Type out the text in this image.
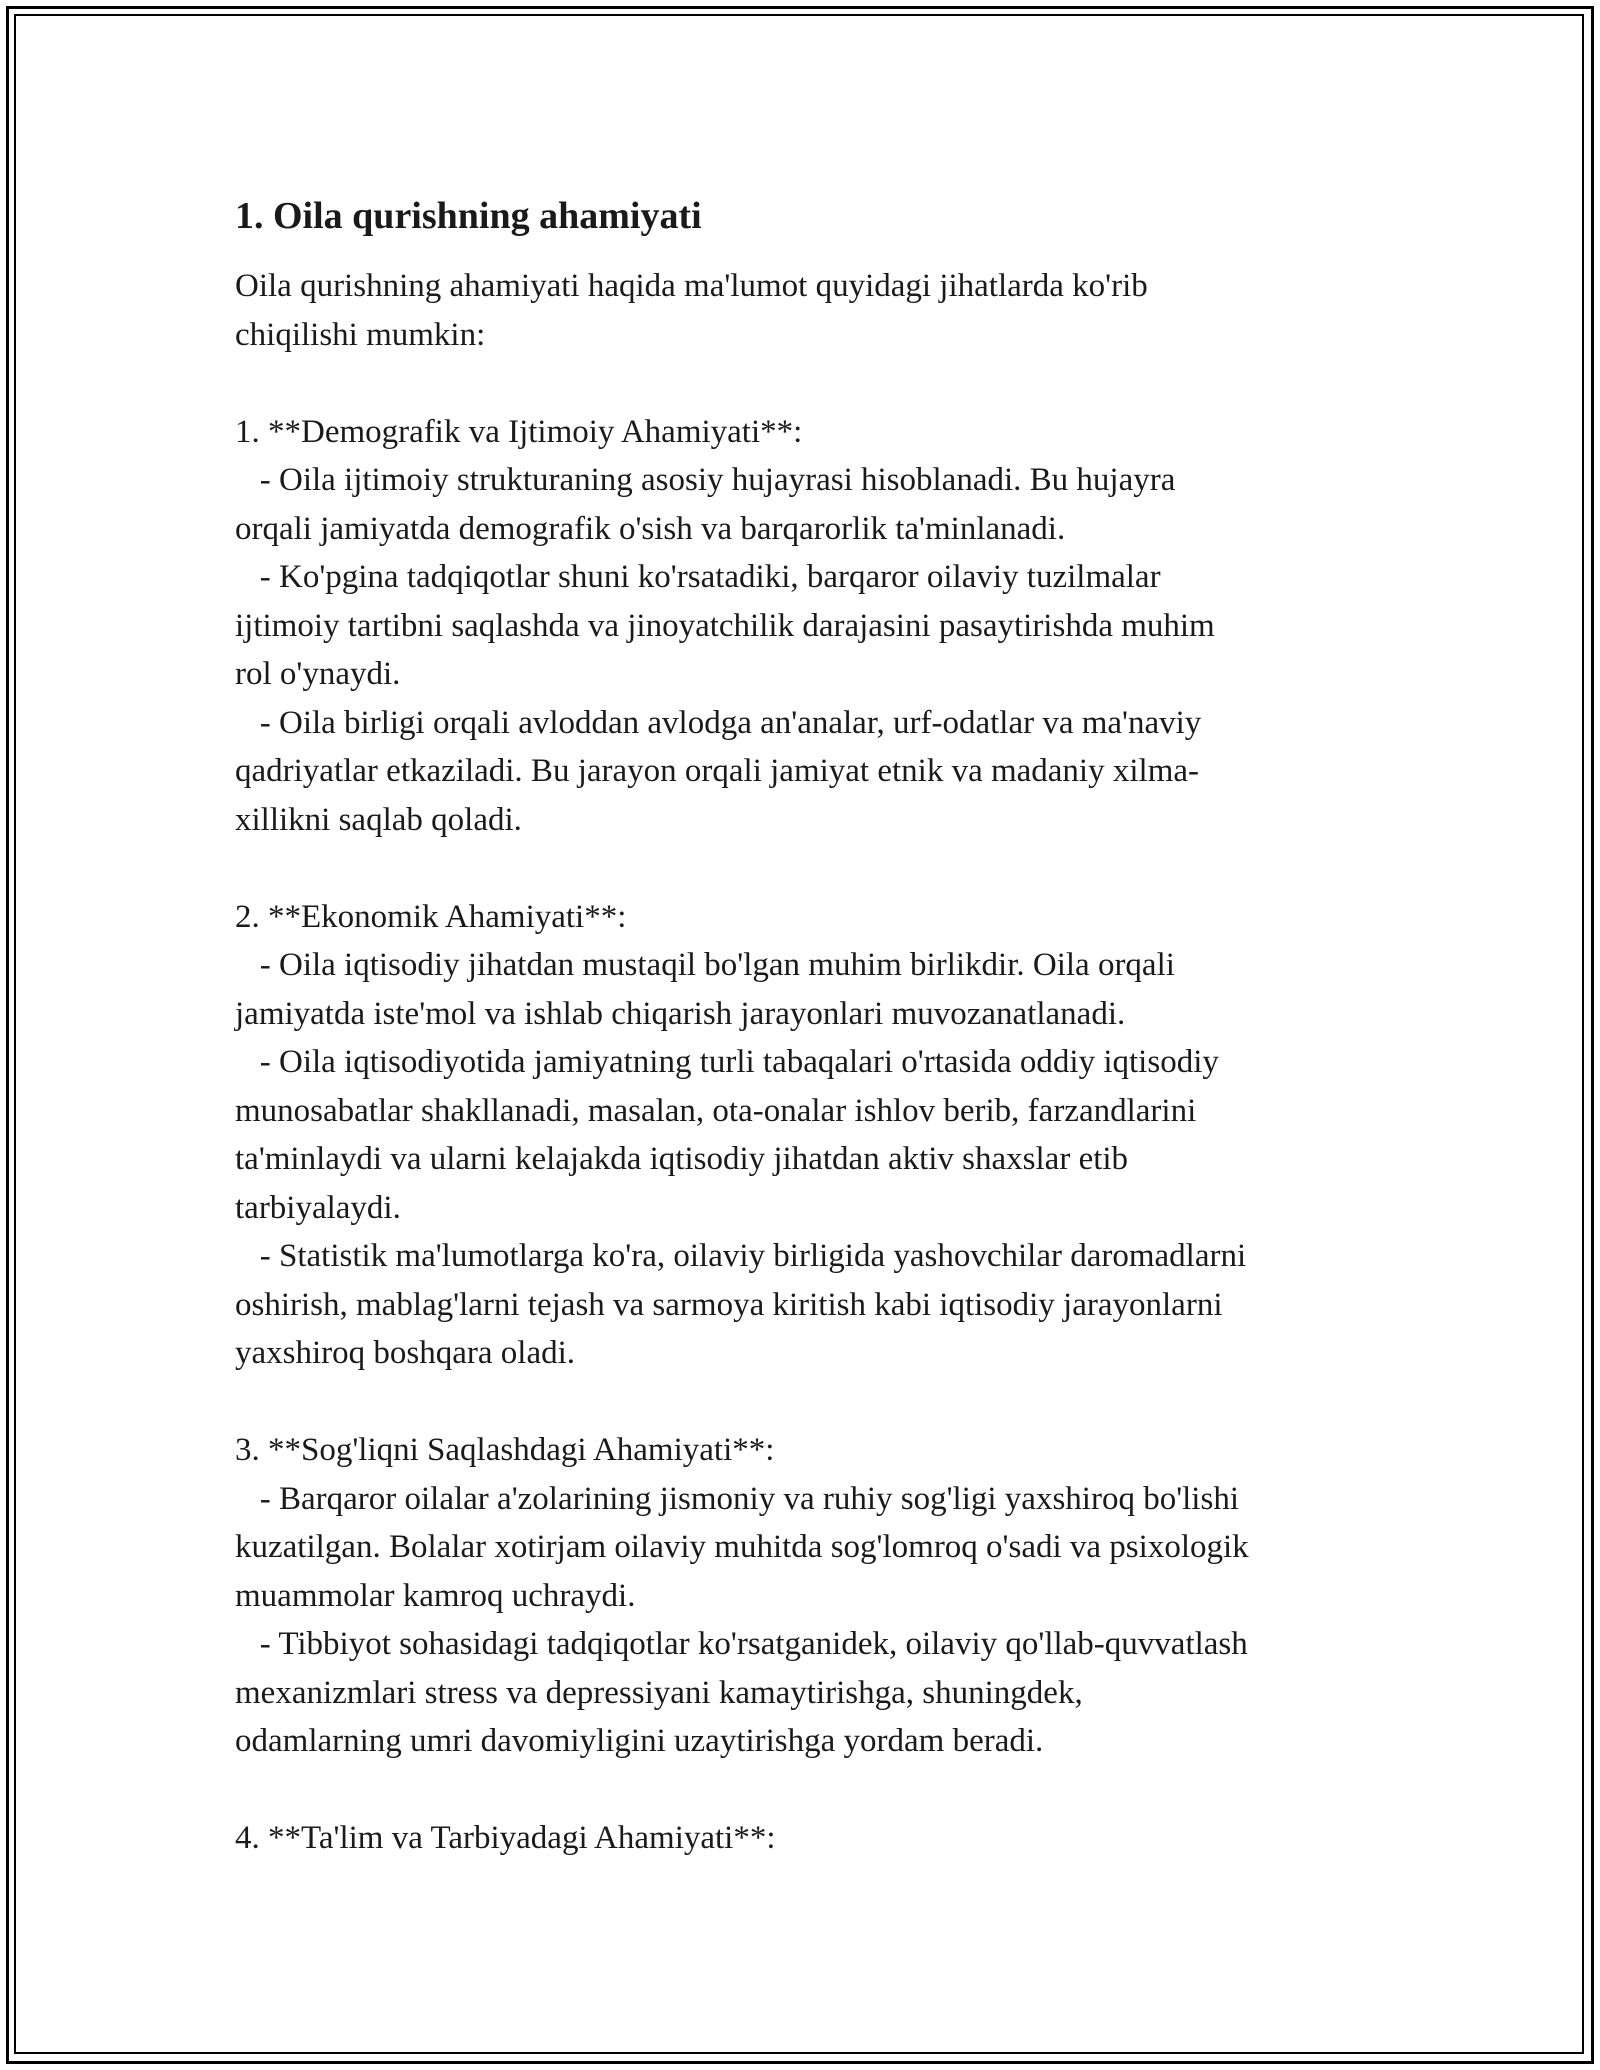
1. Oila qurishning ahamiyati

Oila qurishning ahamiyati haqida ma'lumot quyidagi jihatlarda ko'rib
chiqilishi mumkin:

1. **Demografik va Ijtimoiy Ahamiyati**:
- Oila ijtimoiy strukturaning asosiy hujayrasi hisoblanadi. Bu hujayra
orqali jamiyatda demografik o'sish va barqarorlik ta'minlanadi.
- Ko'pgina tadqiqotlar shuni ko'rsatadiki, barqaror oilaviy tuzilmalar
ijtimoiy tartibni saqlashda va jinoyatchilik darajasini pasaytirishda muhim
rol o'ynaydi.
- Oila birligi orqali avloddan avlodga an'analar, urf-odatlar va ma'naviy
qadriyatlar etkaziladi. Bu jarayon orqali jamiyat etnik va madaniy xilma-
xillikni saqlab qoladi.

2. **Ekonomik Ahamiyati**:
- Oila iqtisodiy jihatdan mustaqil bo'lgan muhim birlikdir. Oila orqali
jamiyatda iste'mol va ishlab chiqarish jarayonlari muvozanatlanadi.
- Oila iqtisodiyotida jamiyatning turli tabaqalari o'rtasida oddiy iqtisodiy
munosabatlar shakllanadi, masalan, ota-onalar ishlov berib, farzandlarini
ta'minlaydi va ularni kelajakda iqtisodiy jihatdan aktiv shaxslar etib
tarbiyalaydi.
- Statistik ma'lumotlarga ko'ra, oilaviy birligida yashovchilar daromadlarni
oshirish, mablag'larni tejash va sarmoya kiritish kabi iqtisodiy jarayonlarni
yaxshiroq boshqara oladi.

3. **Sog'liqni Saqlashdagi Ahamiyati**:
- Barqaror oilalar a'zolarining jismoniy va ruhiy sog'ligi yaxshiroq bo'lishi
kuzatilgan. Bolalar xotirjam oilaviy muhitda sog'lomroq o'sadi va psixologik
muammolar kamroq uchraydi.
- Tibbiyot sohasidagi tadqiqotlar ko'rsatganidek, oilaviy qo'llab-quvvatlash
mexanizmlari stress va depressiyani kamaytirishga, shuningdek,
odamlarning umri davomiyligini uzaytirishga yordam beradi.

4. **Ta'lim va Tarbiyadagi Ahamiyati**:
